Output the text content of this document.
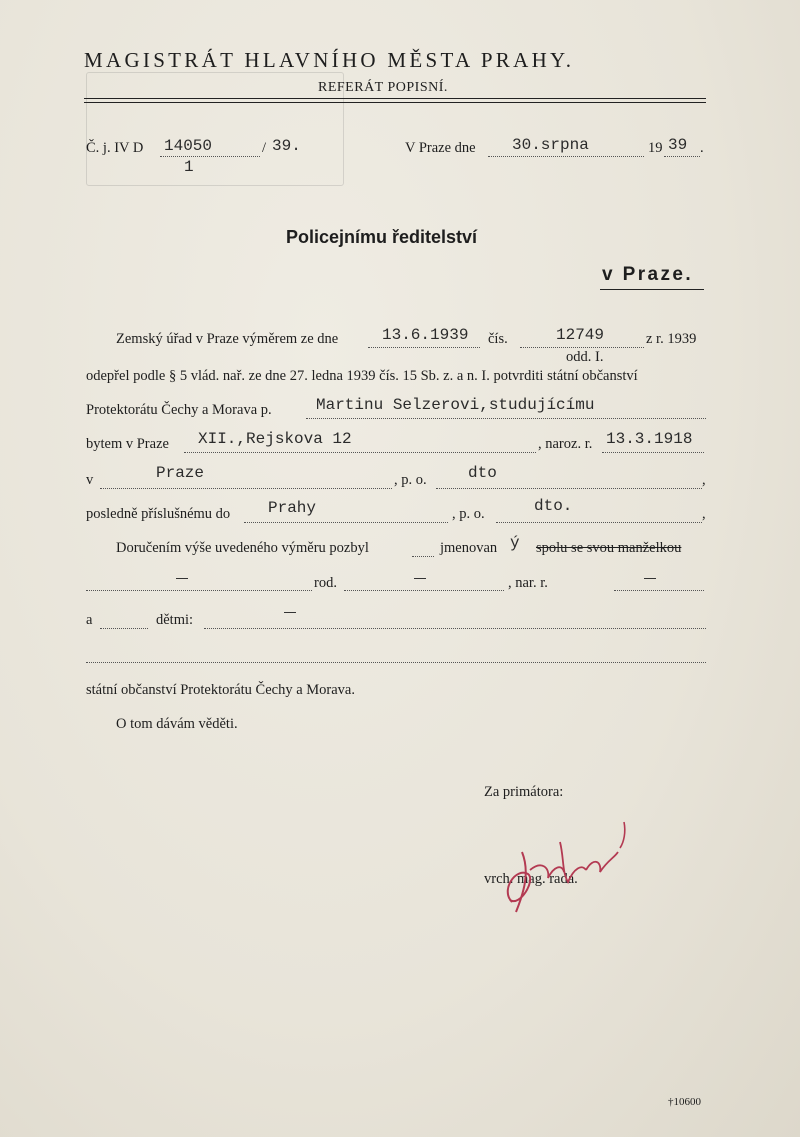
MAGISTRÁT HLAVNÍHO MĚSTA PRAHY.
REFERÁT POPISNÍ.
Č. j. IV D 14050
1
/ 39.	V Praze dne 30.srpna	19 39 .
Policejnímu ředitelství
v Praze.
Zemský úřad v Praze výměrem ze dne	13.6.1939 čís.	12749	z r. 1939
odd. I.
odepřel podle § 5 vlád. nař. ze dne 27. ledna 1939 čís. 15 Sb. z. a n. I. potvrditi státní občanství
Protektorátu Čechy a Morava p.	Martinu Selzerovi,studujícímu
bytem v Praze XII.,Rejskova 12	, naroz. r. 13.3.1918
v	Praze	, p. o.	dto	,
posledně příslušnému do Prahy	, p. o.	dto.	,
Doručením výše uvedeného výměru pozbyl	jmenovan ý spolu se svou manželkou
rod.	, nar. r.
a	dětmi:
státní občanství Protektorátu Čechy a Morava.
O tom dávám věděti.
Za primátora:
vrch. mag. rada.
†10600
